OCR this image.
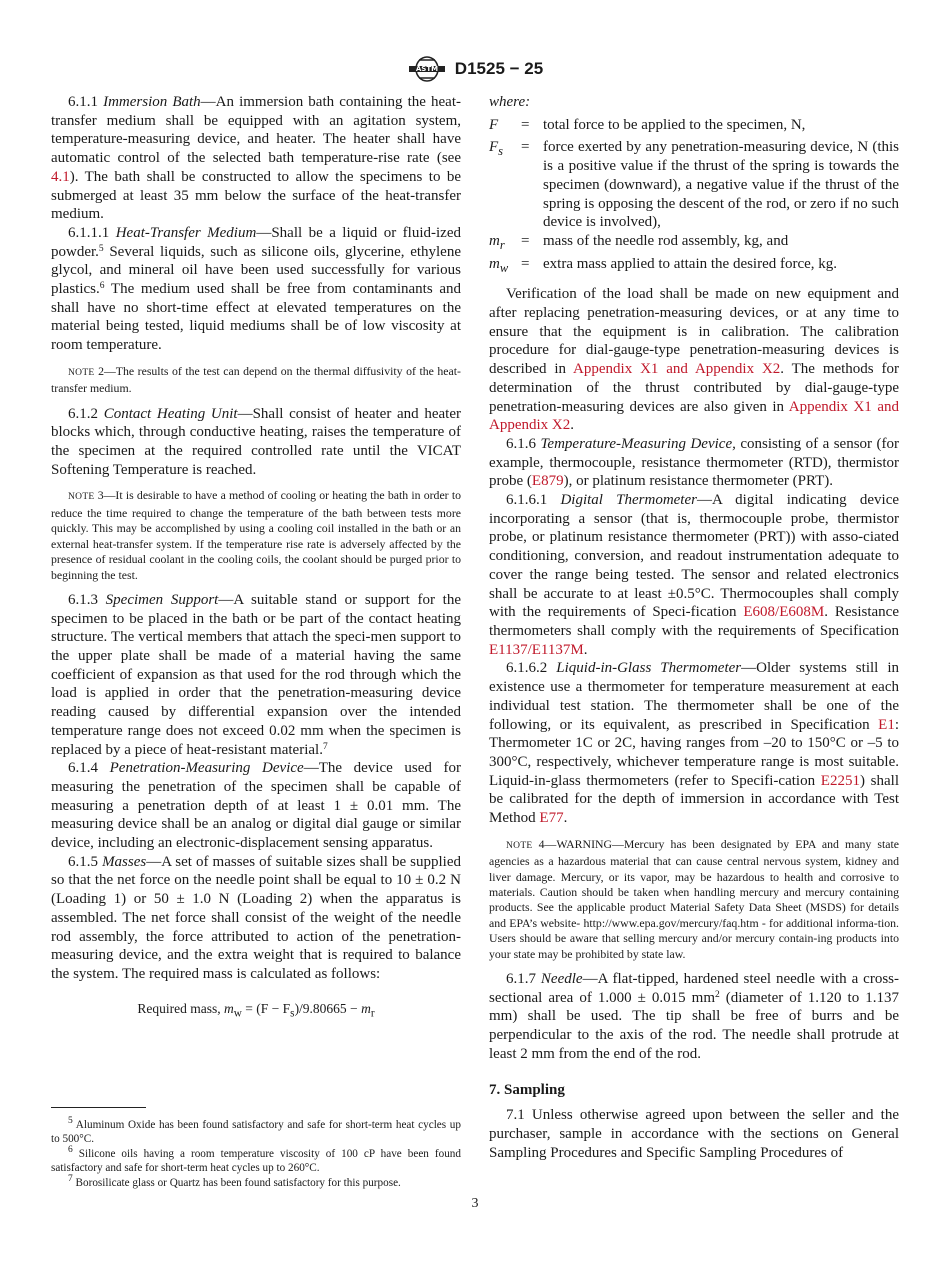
ASTM D1525 − 25

6.1.1 Immersion Bath—An immersion bath containing the heat-transfer medium shall be equipped with an agitation system, temperature-measuring device, and heater. The heater shall have automatic control of the selected bath temperature-rise rate (see 4.1). The bath shall be constructed to allow the specimens to be submerged at least 35 mm below the surface of the heat-transfer medium.

6.1.1.1 Heat-Transfer Medium—Shall be a liquid or fluid-ized powder.$^5$ Several liquids, such as silicone oils, glycerine, ethylene glycol, and mineral oil have been used successfully for various plastics.$^6$ The medium used shall be free from contaminants and shall have no short-time effect at elevated temperatures on the material being tested, liquid mediums shall be of low viscosity at room temperature.

NOTE 2—The results of the test can depend on the thermal diffusivity of the heat-transfer medium.

6.1.2 Contact Heating Unit—Shall consist of heater and heater blocks which, through conductive heating, raises the temperature of the specimen at the required controlled rate until the VICAT Softening Temperature is reached.

NOTE 3—It is desirable to have a method of cooling or heating the bath in order to reduce the time required to change the temperature of the bath between tests more quickly. This may be accomplished by using a cooling coil installed in the bath or an external heat-transfer system. If the temperature rise rate is adversely affected by the presence of residual coolant in the cooling coils, the coolant should be purged prior to beginning the test.

6.1.3 Specimen Support—A suitable stand or support for the specimen to be placed in the bath or be part of the contact heating structure. The vertical members that attach the speci-men support to the upper plate shall be made of a material having the same coefficient of expansion as that used for the rod through which the load is applied in order that the penetration-measuring device reading caused by differential expansion over the intended temperature range does not exceed 0.02 mm when the specimen is replaced by a piece of heat-resistant material.$^7$

6.1.4 Penetration-Measuring Device—The device used for measuring the penetration of the specimen shall be capable of measuring a penetration depth of at least 1 ± 0.01 mm. The measuring device shall be an analog or digital dial gauge or similar device, including an electronic-displacement sensing apparatus.

6.1.5 Masses—A set of masses of suitable sizes shall be supplied so that the net force on the needle point shall be equal to 10 ± 0.2 N (Loading 1) or 50 ± 1.0 N (Loading 2) when the apparatus is assembled. The net force shall consist of the weight of the needle rod assembly, the force attributed to action of the penetration-measuring device, and the extra weight that is required to balance the system. The required mass is calculated as follows:

Required mass, $m_w = (F - F_s)/9.80665 - m_r$

$^5$ Aluminum Oxide has been found satisfactory and safe for short-term heat cycles up to 500°C.

$^6$ Silicone oils having a room temperature viscosity of 100 cP have been found satisfactory and safe for short-term heat cycles up to 260°C.

$^7$ Borosilicate glass or Quartz has been found satisfactory for this purpose.

where:

F	=	total force to be applied to the specimen, N,
$F_s$	=	force exerted by any penetration-measuring device, N (this is a positive value if the thrust of the spring is towards the specimen (downward), a negative value if the thrust of the spring is opposing the descent of the rod, or zero if no such device is involved),
$m_r$	=	mass of the needle rod assembly, kg, and
$m_w$	=	extra mass applied to attain the desired force, kg.

Verification of the load shall be made on new equipment and after replacing penetration-measuring devices, or at any time to ensure that the equipment is in calibration. The calibration procedure for dial-gauge-type penetration-measuring devices is described in Appendix X1 and Appendix X2. The methods for determination of the thrust contributed by dial-gauge-type penetration-measuring devices are also given in Appendix X1 and Appendix X2.

6.1.6 Temperature-Measuring Device, consisting of a sensor (for example, thermocouple, resistance thermometer (RTD), thermistor probe (E879), or platinum resistance thermometer (PRT).

6.1.6.1 Digital Thermometer—A digital indicating device incorporating a sensor (that is, thermocouple probe, thermistor probe, or platinum resistance thermometer (PRT)) with asso-ciated conditioning, conversion, and readout instrumentation adequate to cover the range being tested. The sensor and related electronics shall be accurate to at least ±0.5°C. Thermocouples shall comply with the requirements of Speci-fication E608/E608M. Resistance thermometers shall comply with the requirements of Specification E1137/E1137M.

6.1.6.2 Liquid-in-Glass Thermometer—Older systems still in existence use a thermometer for temperature measurement at each individual test station. The thermometer shall be one of the following, or its equivalent, as prescribed in Specification E1: Thermometer 1C or 2C, having ranges from –20 to 150°C or –5 to 300°C, respectively, whichever temperature range is most suitable. Liquid-in-glass thermometers (refer to Specifi-cation E2251) shall be calibrated for the depth of immersion in accordance with Test Method E77.

NOTE 4—WARNING—Mercury has been designated by EPA and many state agencies as a hazardous material that can cause central nervous system, kidney and liver damage. Mercury, or its vapor, may be hazardous to health and corrosive to materials. Caution should be taken when handling mercury and mercury containing products. See the applicable product Material Safety Data Sheet (MSDS) for details and EPA’s website- http://www.epa.gov/mercury/faq.htm - for additional informa-tion. Users should be aware that selling mercury and/or mercury contain-ing products into your state may be prohibited by state law.

6.1.7 Needle—A flat-tipped, hardened steel needle with a cross-sectional area of 1.000 ± 0.015 $mm^2$ (diameter of 1.120 to 1.137 mm) shall be used. The tip shall be free of burrs and be perpendicular to the axis of the rod. The needle shall protrude at least 2 mm from the end of the rod.

7. Sampling

7.1 Unless otherwise agreed upon between the seller and the purchaser, sample in accordance with the sections on General Sampling Procedures and Specific Sampling Procedures of

3
